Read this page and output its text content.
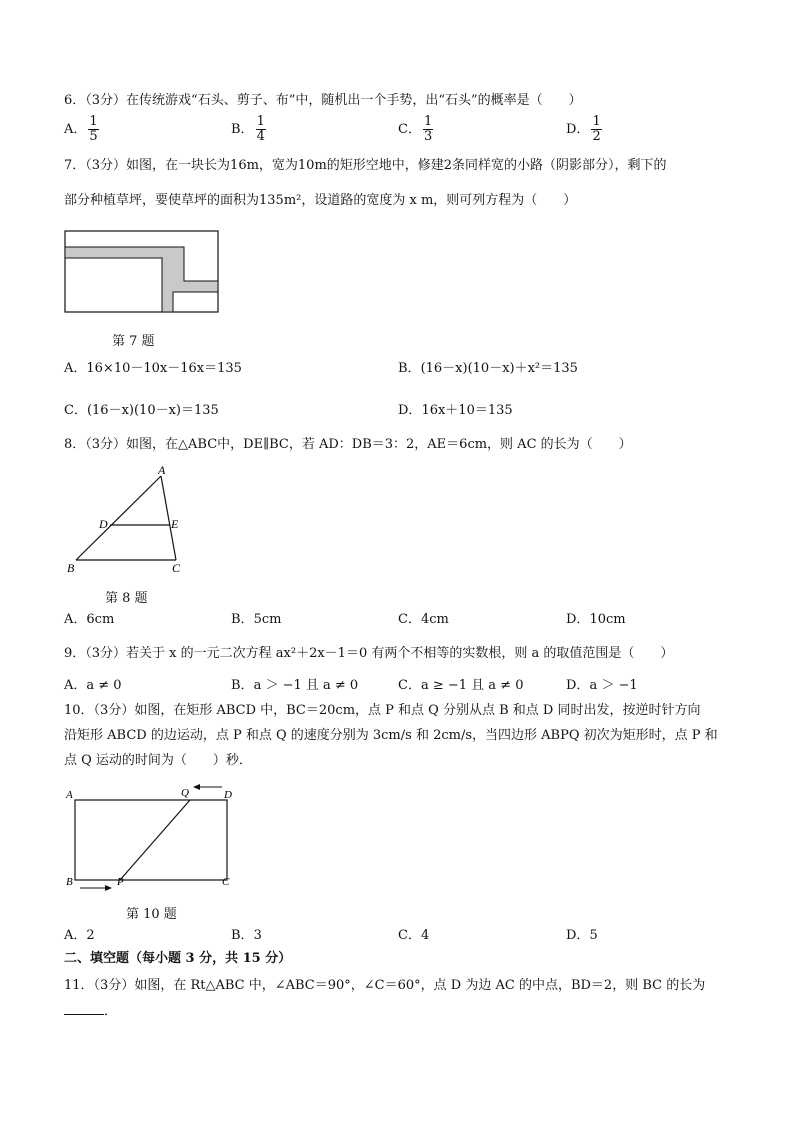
6．（3分）在传统游戏“石头、剪子、布”中，随机出一个手势，出“石头”的概率是（　　）
A． $\frac{1}{5}$	B． $\frac{1}{4}$	C． $\frac{1}{3}$	D． $\frac{1}{2}$
7．（3分）如图，在一块长为16m，宽为10m的矩形空地中，修建2条同样宽的小路（阴影部分），剩下的
部分种植草坪，要使草坪的面积为135m²，设道路的宽度为 x m，则可列方程为（　　）
第 7 题
A．16×10－10x－16x＝135	B．(16－x)(10－x)＋x²＝135
C．(16－x)(10－x)＝135	D．16x＋10＝135
8．（3分）如图，在△ABC中，DE∥BC，若 AD：DB＝3：2，AE＝6cm，则 AC 的长为（　　）
A
D	E
B	C
第 8 题
A．6cm	B．5cm	C．4cm	D．10cm
9．（3分）若关于 x 的一元二次方程 ax²＋2x－1＝0 有两个不相等的实数根，则 a 的取值范围是（　　）
A．a ≠ 0	B．a ＞ −1 且 a ≠ 0	C．a ≥ −1 且 a ≠ 0	D．a ＞ −1
10．（3分）如图，在矩形 ABCD 中，BC＝20cm，点 P 和点 Q 分别从点 B 和点 D 同时出发，按逆时针方向
沿矩形 ABCD 的边运动，点 P 和点 Q 的速度分别为 3cm/s 和 2cm/s，当四边形 ABPQ 初次为矩形时，点 P 和
点 Q 运动的时间为（　　）秒．
A	Q	D
B	P	C
第 10 题
A．2	B．3	C．4	D．5
二、填空题（每小题 3 分，共 15 分）
11．（3分）如图，在 Rt△ABC 中，∠ABC＝90°，∠C＝60°，点 D 为边 AC 的中点，BD＝2，则 BC 的长为
．
